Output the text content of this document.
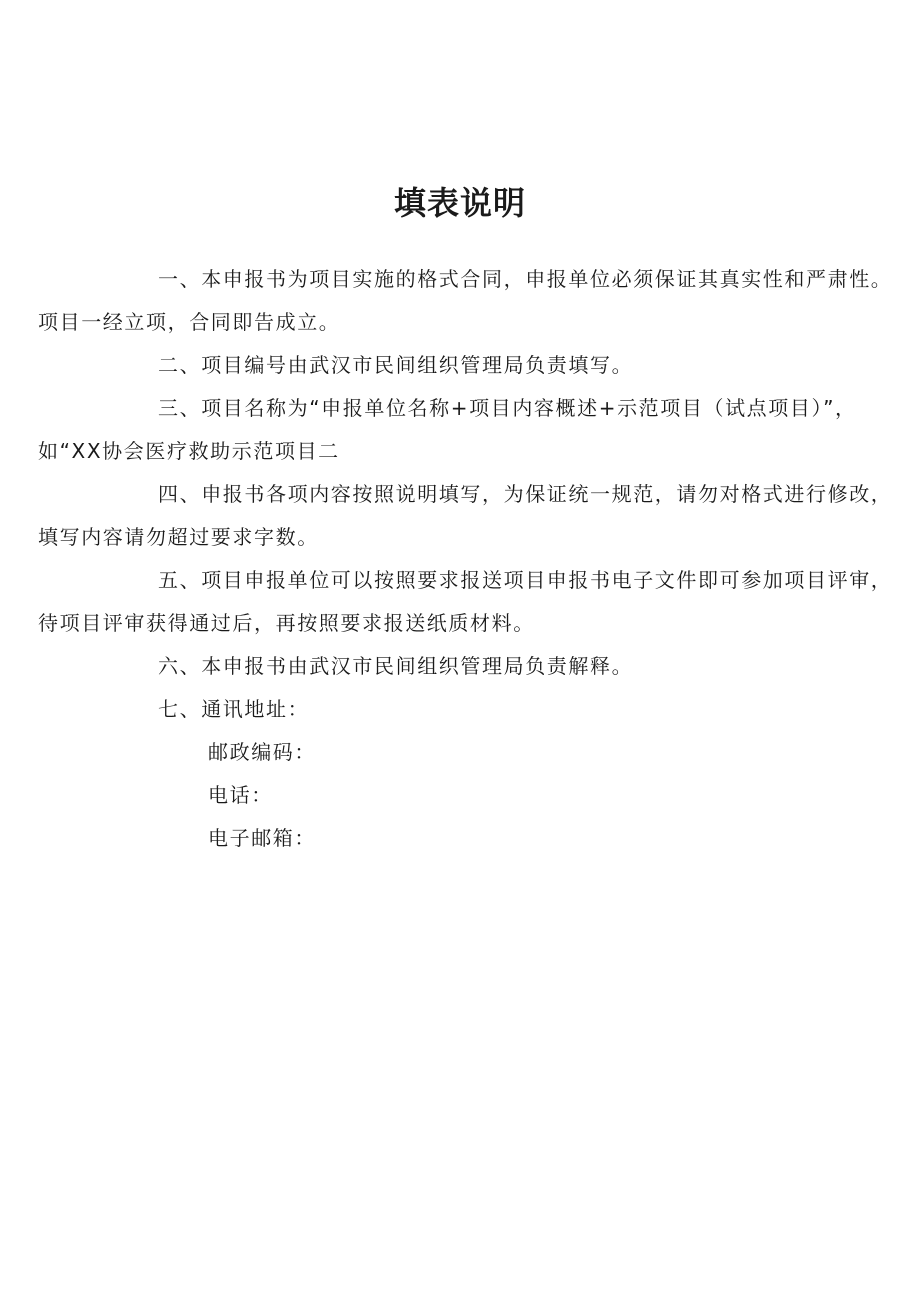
填表说明

一、本申报书为项目实施的格式合同，申报单位必须保证其真实性和严肃性。
项目一经立项，合同即告成立。

二、项目编号由武汉市民间组织管理局负责填写。

三、项目名称为“申报单位名称+项目内容概述+示范项目（试点项目）”，
如“XX协会医疗救助示范项目二

四、申报书各项内容按照说明填写，为保证统一规范，请勿对格式进行修改，
填写内容请勿超过要求字数。

五、项目申报单位可以按照要求报送项目申报书电子文件即可参加项目评审，
待项目评审获得通过后，再按照要求报送纸质材料。

六、本申报书由武汉市民间组织管理局负责解释。

七、通讯地址：

邮政编码：

电话：

电子邮箱：
